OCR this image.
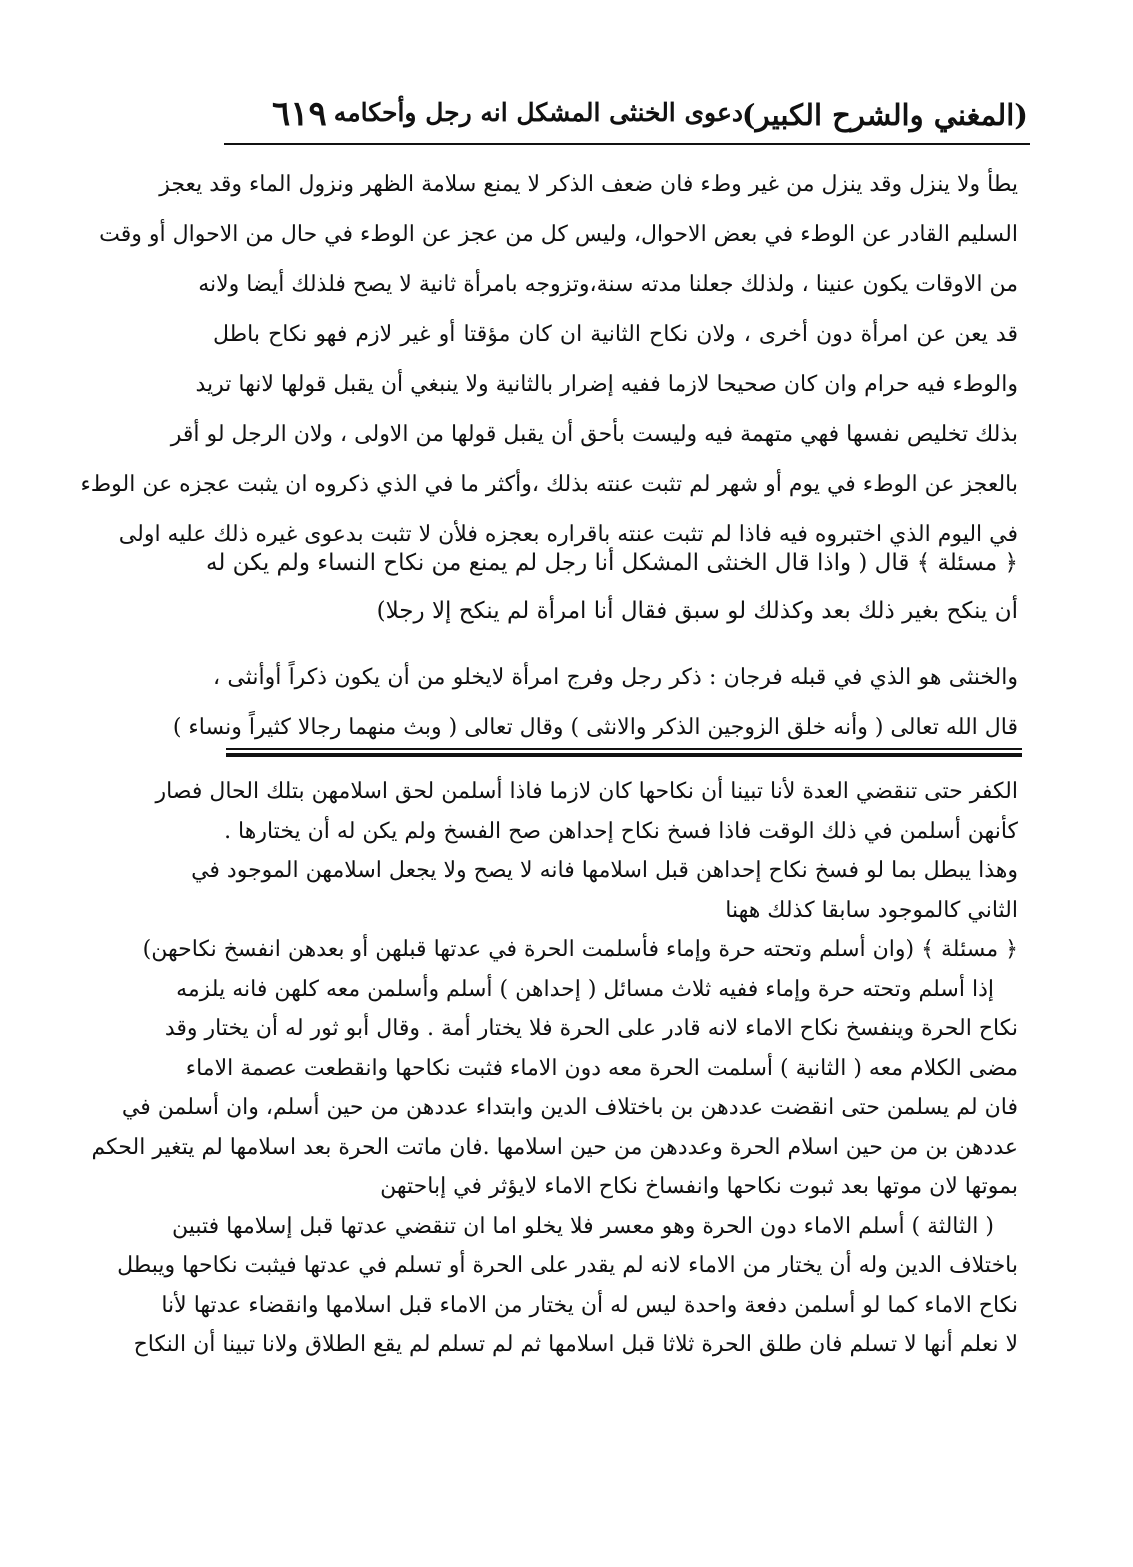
(المغني والشرح الكبير)
دعوى الخنثى المشكل انه رجل وأحكامه
٦١٩
يطأ ولا ينزل وقد ينزل من غير وطء فان ضعف الذكر لا يمنع سلامة الظهر ونزول الماء وقد يعجز
السليم القادر عن الوطء في بعض الاحوال، وليس كل من عجز عن الوطء في حال من الاحوال أو وقت
من الاوقات يكون عنينا ، ولذلك جعلنا مدته سنة،وتزوجه بامرأة ثانية لا يصح فلذلك أيضا ولانه
قد يعن عن امرأة دون أخرى ، ولان نكاح الثانية ان كان مؤقتا أو غير لازم فهو نكاح باطل
والوطء فيه حرام وان كان صحيحا لازما ففيه إضرار بالثانية ولا ينبغي أن يقبل قولها لانها تريد
بذلك تخليص نفسها فهي متهمة فيه وليست بأحق أن يقبل قولها من الاولى ، ولان الرجل لو أقر
بالعجز عن الوطء في يوم أو شهر لم تثبت عنته بذلك ،وأكثر ما في الذي ذكروه ان يثبت عجزه عن الوطء
في اليوم الذي اختبروه فيه فاذا لم تثبت عنته باقراره بعجزه فلأن لا تثبت بدعوى غيره ذلك عليه اولى
﴿ مسئلة ﴾ قال ( واذا قال الخنثى المشكل أنا رجل لم يمنع من نكاح النساء ولم يكن له
أن ينكح بغير ذلك بعد وكذلك لو سبق فقال أنا امرأة لم ينكح إلا رجلا)
والخنثى هو الذي في قبله فرجان : ذكر رجل وفرج امرأة لايخلو من أن يكون ذكراً أوأنثى ،
قال الله تعالى ( وأنه خلق الزوجين الذكر والانثى ) وقال تعالى ( وبث منهما رجالا كثيراً ونساء )
الكفر حتى تنقضي العدة لأنا تبينا أن نكاحها كان لازما فاذا أسلمن لحق اسلامهن بتلك الحال فصار
كأنهن أسلمن في ذلك الوقت فاذا فسخ نكاح إحداهن صح الفسخ ولم يكن له أن يختارها .
وهذا يبطل بما لو فسخ نكاح إحداهن قبل اسلامها فانه لا يصح ولا يجعل اسلامهن الموجود في
الثاني كالموجود سابقا كذلك ههنا
﴿ مسئلة ﴾ (وان أسلم وتحته حرة وإماء فأسلمت الحرة في عدتها قبلهن أو بعدهن انفسخ نكاحهن)
إذا أسلم وتحته حرة وإماء ففيه ثلاث مسائل ( إحداهن ) أسلم وأسلمن معه كلهن فانه يلزمه
نكاح الحرة وينفسخ نكاح الاماء لانه قادر على الحرة فلا يختار أمة . وقال أبو ثور له أن يختار وقد
مضى الكلام معه ( الثانية ) أسلمت الحرة معه دون الاماء فثبت نكاحها وانقطعت عصمة الاماء
فان لم يسلمن حتى انقضت عددهن بن باختلاف الدين وابتداء عددهن من حين أسلم، وان أسلمن في
عددهن بن من حين اسلام الحرة وعددهن من حين اسلامها .فان ماتت الحرة بعد اسلامها لم يتغير الحكم
بموتها لان موتها بعد ثبوت نكاحها وانفساخ نكاح الاماء لايؤثر في إباحتهن
( الثالثة ) أسلم الاماء دون الحرة وهو معسر فلا يخلو اما ان تنقضي عدتها قبل إسلامها فتبين
باختلاف الدين وله أن يختار من الاماء لانه لم يقدر على الحرة أو تسلم في عدتها فيثبت نكاحها ويبطل
نكاح الاماء كما لو أسلمن دفعة واحدة ليس له أن يختار من الاماء قبل اسلامها وانقضاء عدتها لأنا
لا نعلم أنها لا تسلم فان طلق الحرة ثلاثا قبل اسلامها ثم لم تسلم لم يقع الطلاق ولانا تبينا أن النكاح
